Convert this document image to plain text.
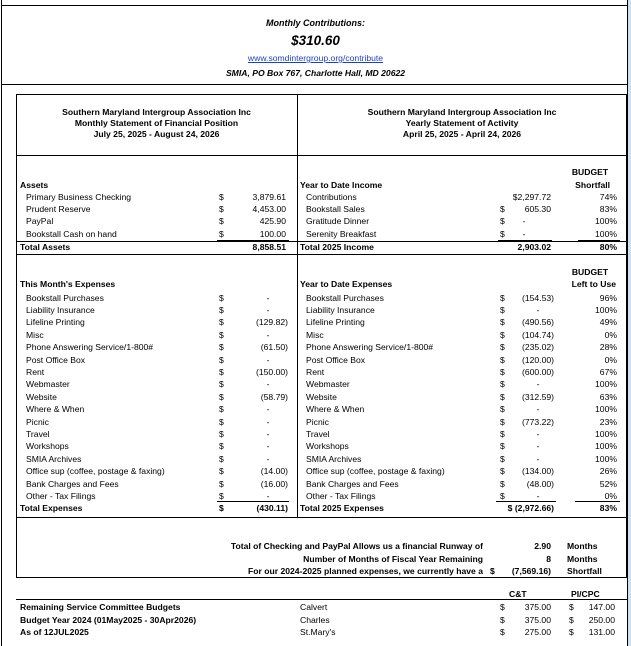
Monthly Contributions:
$310.60
www.somdintergroup.org/contribute
SMIA, PO Box 767, Charlotte Hall, MD 20622
Southern Maryland Intergroup Association Inc
Monthly Statement of Financial Position
July 25, 2025 - August 24, 2026
Southern Maryland Intergroup Association Inc
Yearly Statement of Activity
April 25, 2025 - April 24, 2026
Assets
Primary Business Checking	$	3,879.61
Prudent Reserve	$	4,453.00
PayPal	$	425.90
Bookstall Cash on hand	$	100.00
Total Assets	8,858.51
BUDGET
Shortfall
Year to Date Income
Contributions	$2,297.72	74%
Bookstall Sales	$	605.30	83%
Gratitude Dinner	$	-	100%
Serenity Breakfast	$	-	100%
Total 2025 Income	2,903.02	80%
This Month's Expenses
Bookstall Purchases	$	-
Liability Insurance	$	-
Lifeline Printing	$	(129.82)
Misc	$	-
Phone Answering Service/1-800#	$	(61.50)
Post Office Box	$	-
Rent	$	(150.00)
Webmaster	$	-
Website	$	(58.79)
Where & When	$	-
Picnic	$	-
Travel	$	-
Workshops	$	-
SMIA Archives	$	-
Office sup (coffee, postage & faxing)	$	(14.00)
Bank Charges and Fees	$	(16.00)
Other - Tax Filings	$	-
Total Expenses	$	(430.11)
BUDGET
Left to Use
Year to Date Expenses
Bookstall Purchases	$	(154.53)	96%
Liability Insurance	$	-	100%
Lifeline Printing	$	(490.56)	49%
Misc	$	(104.74)	0%
Phone Answering Service/1-800#	$	(235.02)	28%
Post Office Box	$	(120.00)	0%
Rent	$	(600.00)	67%
Webmaster	$	-	100%
Website	$	(312.59)	63%
Where & When	$	-	100%
Picnic	$	(773.22)	23%
Travel	$	-	100%
Workshops	$	-	100%
SMIA Archives	$	-	100%
Office sup (coffee, postage & faxing)	$	(134.00)	26%
Bank Charges and Fees	$	(48.00)	52%
Other - Tax Filings	$	-	0%
Total 2025 Expenses	$ (2,972.66)	83%
Total of Checking and PayPal Allows us a financial Runway of	2.90 Months
Number of Months of Fiscal Year Remaining	8 Months
For our 2024-2025 planned expenses, we currently have a $	(7,569.16) Shortfall
C&T	PI/CPC
Remaining Service Committee Budgets	Calvert	$	375.00 $	147.00
Budget Year 2024 (01May2025 - 30Apr2026)	Charles	$	375.00 $	250.00
As of 12JUL2025	St.Mary's	$	275.00 $	131.00
